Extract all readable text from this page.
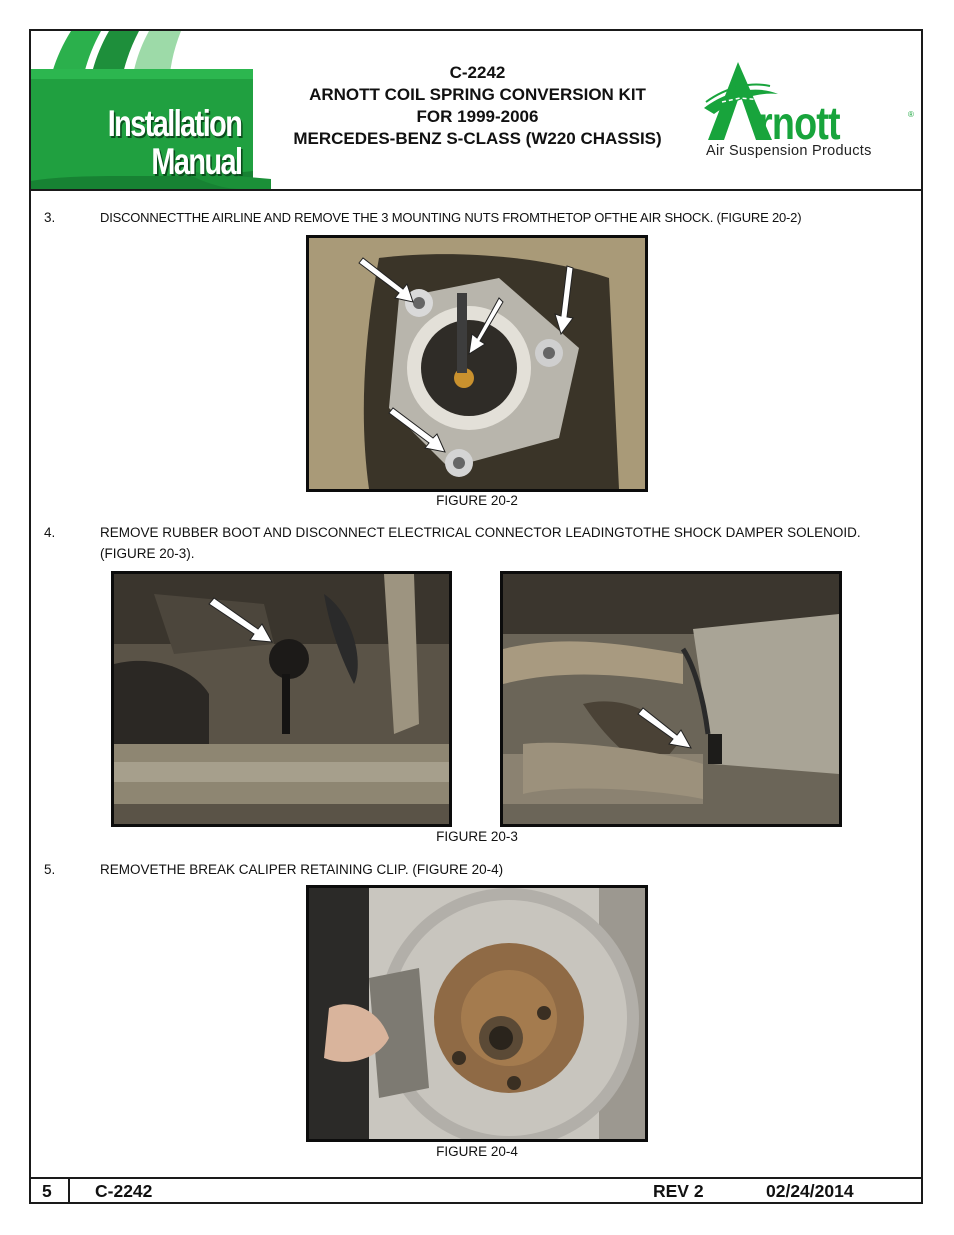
Installation
Manual
C-2242
ARNOTT COIL SPRING CONVERSION KIT
FOR 1999-2006
MERCEDES-BENZ S-CLASS (W220 CHASSIS)	rnott	®
Air Suspension Products
3.	DISCONNECTTHE AIRLINE AND REMOVE THE 3 MOUNTING NUTS FROMTHETOP OFTHE AIR SHOCK. (FIGURE 20-2)
FIGURE 20-2
4.	REMOVE RUBBER BOOT AND DISCONNECT ELECTRICAL CONNECTOR LEADINGTOTHE SHOCK DAMPER SOLENOID. (FIGURE 20-3).
FIGURE 20-3
5.	REMOVETHE BREAK CALIPER RETAINING CLIP. (FIGURE 20-4)
FIGURE 20-4
5 C-2242	REV 2	02/24/2014
